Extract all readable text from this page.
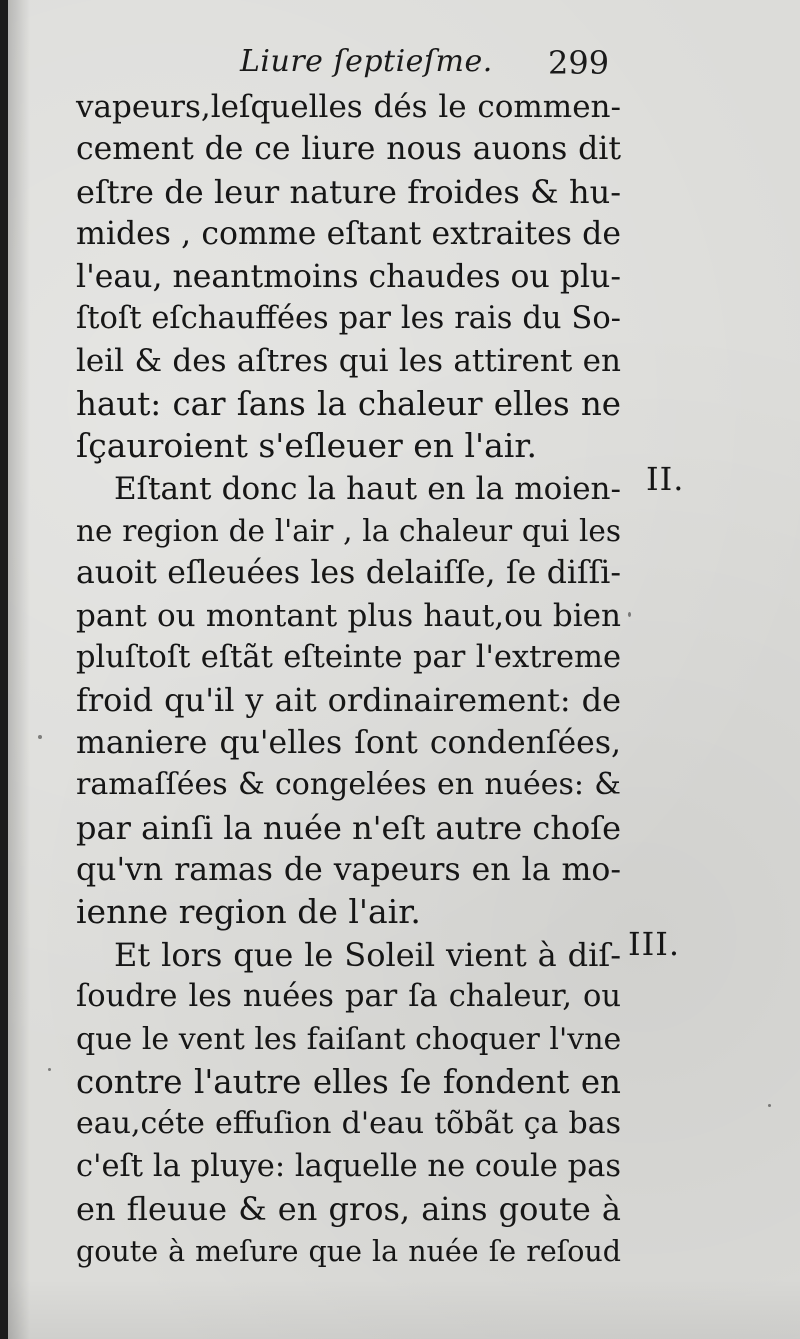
Liure ſeptieſme. 299
vapeurs,leſquelles dés le commen-
cement de ce liure nous auons dit
eſtre de leur nature froides & hu-
mides , comme eſtant extraites de
l'eau, neantmoins chaudes ou plu-
ſtoſt eſchauffées par les rais du So-
leil & des aſtres qui les attirent en
haut: car ſans la chaleur elles ne
ſçauroient s'eſleuer en l'air.
Eſtant donc la haut en la moien-
ne region de l'air , la chaleur qui les
auoit eſleuées les delaiſſe, ſe diſſi-
pant ou montant plus haut,ou bien
pluſtoſt eſtãt eſteinte par l'extreme
froid qu'il y ait ordinairement: de
maniere qu'elles ſont condenſées,
ramaſſées & congelées en nuées: &
par ainſi la nuée n'eſt autre choſe
qu'vn ramas de vapeurs en la mo-
ienne region de l'air.
Et lors que le Soleil vient à diſ-
ſoudre les nuées par ſa chaleur, ou
que le vent les faiſant choquer l'vne
contre l'autre elles ſe fondent en
eau,céte effuſion d'eau tõbãt ça bas
c'eſt la pluye: laquelle ne coule pas
en fleuue & en gros, ains goute à
goute à meſure que la nuée ſe reſoud
II.
III.
